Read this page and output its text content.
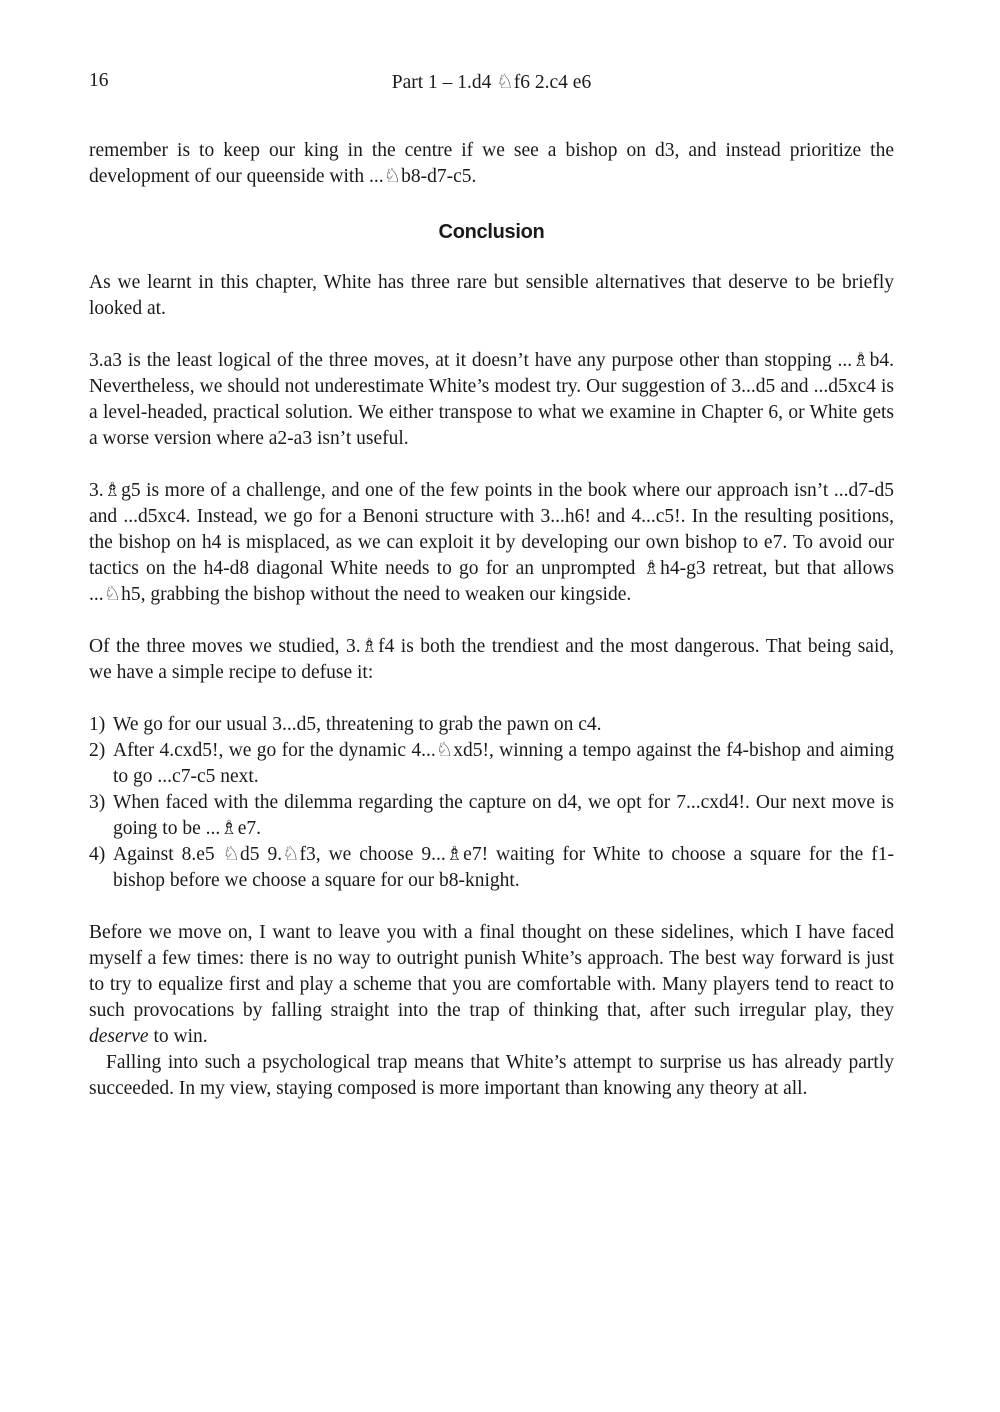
16	Part 1 – 1.d4 ♘f6 2.c4 e6

remember is to keep our king in the centre if we see a bishop on d3, and instead prioritize the development of our queenside with ...♘b8-d7-c5.

Conclusion

As we learnt in this chapter, White has three rare but sensible alternatives that deserve to be briefly looked at.

3.a3 is the least logical of the three moves, at it doesn’t have any purpose other than stopping ...♗b4. Nevertheless, we should not underestimate White’s modest try. Our suggestion of 3...d5 and ...d5xc4 is a level-headed, practical solution. We either transpose to what we examine in Chapter 6, or White gets a worse version where a2-a3 isn’t useful.

3.♗g5 is more of a challenge, and one of the few points in the book where our approach isn’t ...d7-d5 and ...d5xc4. Instead, we go for a Benoni structure with 3...h6! and 4...c5!. In the resulting positions, the bishop on h4 is misplaced, as we can exploit it by developing our own bishop to e7. To avoid our tactics on the h4-d8 diagonal White needs to go for an unprompted ♗h4-g3 retreat, but that allows ...♘h5, grabbing the bishop without the need to weaken our kingside.

Of the three moves we studied, 3.♗f4 is both the trendiest and the most dangerous. That being said, we have a simple recipe to defuse it:

1) We go for our usual 3...d5, threatening to grab the pawn on c4.
2) After 4.cxd5!, we go for the dynamic 4...♘xd5!, winning a tempo against the f4-bishop and aiming to go ...c7-c5 next.
3) When faced with the dilemma regarding the capture on d4, we opt for 7...cxd4!. Our next move is going to be ...♗e7.
4) Against 8.e5 ♘d5 9.♘f3, we choose 9...♗e7! waiting for White to choose a square for the f1-bishop before we choose a square for our b8-knight.

Before we move on, I want to leave you with a final thought on these sidelines, which I have faced myself a few times: there is no way to outright punish White’s approach. The best way forward is just to try to equalize first and play a scheme that you are comfortable with. Many players tend to react to such provocations by falling straight into the trap of thinking that, after such irregular play, they deserve to win.

Falling into such a psychological trap means that White’s attempt to surprise us has already partly succeeded. In my view, staying composed is more important than knowing any theory at all.
